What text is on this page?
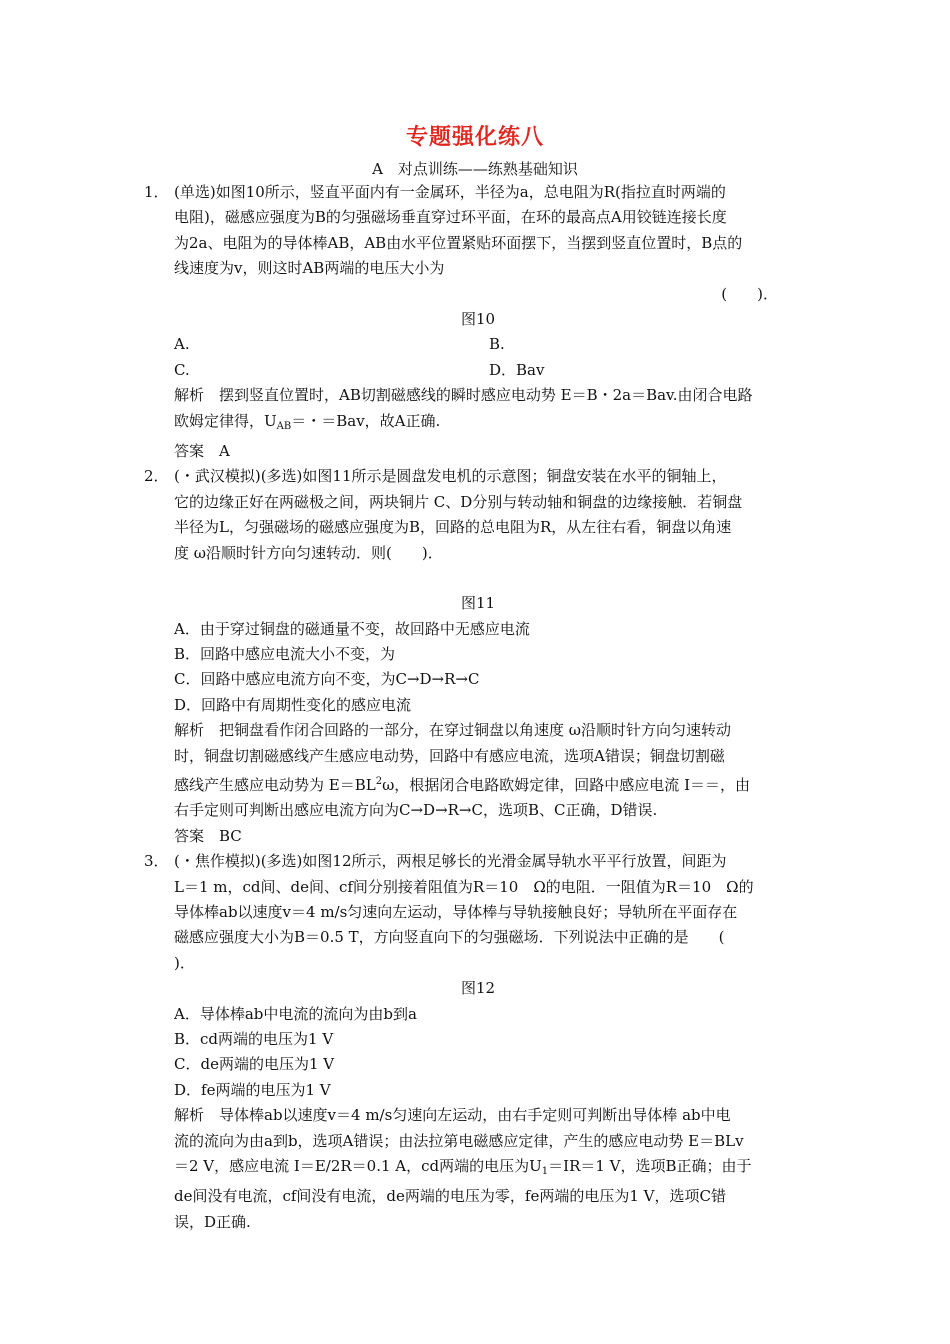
专题强化练八
A　对点训练——练熟基础知识
1． (单选)如图10所示，竖直平面内有一金属环，半径为a，总电阻为R(指拉直时两端的
电阻)，磁感应强度为B的匀强磁场垂直穿过环平面，在环的最高点A用铰链连接长度
为2a、电阻为的导体棒AB，AB由水平位置紧贴环面摆下，当摆到竖直位置时，B点的
线速度为v，则这时AB两端的电压大小为
(　　)．
图10
A.	B.
C.	D．Bav
解析　摆到竖直位置时，AB切割磁感线的瞬时感应电动势 E＝B・2a＝Bav.由闭合电路
欧姆定律得，$U_{AB}=$・＝Bav，故A正确.
答案　A
2． (・武汉模拟)(多选)如图11所示是圆盘发电机的示意图；铜盘安装在水平的铜轴上，
它的边缘正好在两磁极之间，两块铜片 C、D分别与转动轴和铜盘的边缘接触．若铜盘
半径为L，匀强磁场的磁感应强度为B，回路的总电阻为R，从左往右看，铜盘以角速
度 ω沿顺时针方向匀速转动．则(　　)．
图11
A．由于穿过铜盘的磁通量不变，故回路中无感应电流
B．回路中感应电流大小不变，为
C．回路中感应电流方向不变，为C→D→R→C
D．回路中有周期性变化的感应电流
解析　把铜盘看作闭合回路的一部分，在穿过铜盘以角速度 ω沿顺时针方向匀速转动
时，铜盘切割磁感线产生感应电动势，回路中有感应电流，选项A错误；铜盘切割磁
感线产生感应电动势为 $E=BL^2\omega$，根据闭合电路欧姆定律，回路中感应电流 I＝＝，由
右手定则可判断出感应电流方向为C→D→R→C，选项B、C正确，D错误.
答案　BC
3． (・焦作模拟)(多选)如图12所示，两根足够长的光滑金属导轨水平平行放置，间距为
L＝1 m，cd间、de间、cf间分别接着阻值为R＝10　Ω的电阻．一阻值为R＝10　Ω的
导体棒ab以速度v＝4 m/s匀速向左运动，导体棒与导轨接触良好；导轨所在平面存在
磁感应强度大小为B＝0.5 T，方向竖直向下的匀强磁场．下列说法中正确的是　　(
)．
图12
A．导体棒ab中电流的流向为由b到a
B．cd两端的电压为1 V
C．de两端的电压为1 V
D．fe两端的电压为1 V
解析　导体棒ab以速度v＝4 m/s匀速向左运动，由右手定则可判断出导体棒 ab中电
流的流向为由a到b，选项A错误；由法拉第电磁感应定律，产生的感应电动势 E＝BLv
＝2 V，感应电流 I＝E/2R＝0.1 A，cd两端的电压为$U_1=IR=1$ V，选项B正确；由于
de间没有电流，cf间没有电流，de两端的电压为零，fe两端的电压为1 V，选项C错
误，D正确.
